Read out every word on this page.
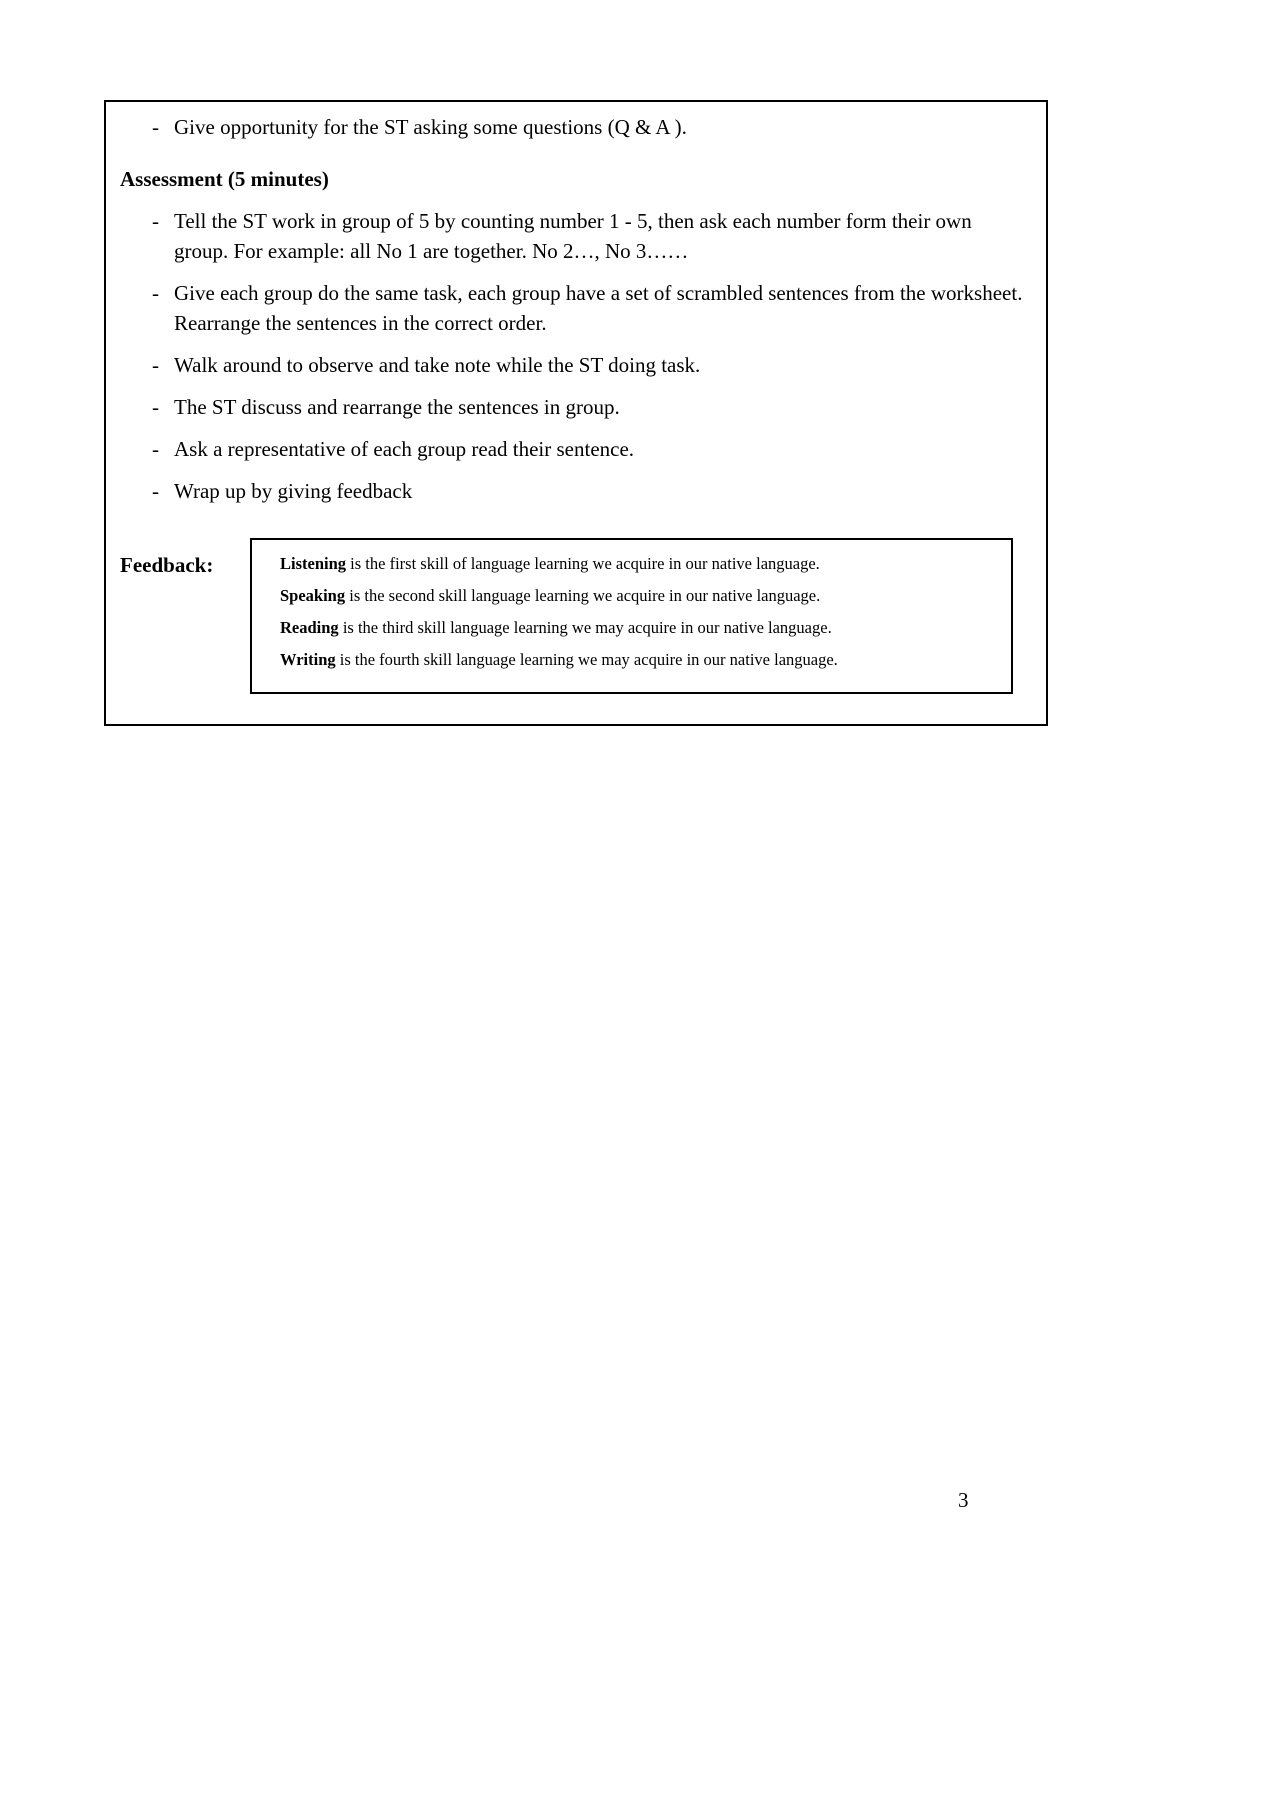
- Give opportunity for the ST asking some questions (Q & A ).
Assessment (5 minutes)
- Tell the ST work in group of 5 by counting number 1 - 5, then ask each number form their own group. For example: all No 1 are together. No 2…, No 3……
- Give each group do the same task, each group have a set of scrambled sentences from the worksheet. Rearrange the sentences in the correct order.
- Walk around to observe and take note while the ST doing task.
- The ST discuss and rearrange the sentences in group.
- Ask a representative of each group read their sentence.
- Wrap up by giving feedback
Feedback:	Listening is the first skill of language learning we acquire in our native language.
Speaking is the second skill language learning we acquire in our native language.
Reading is the third skill language learning we may acquire in our native language.
Writing is the fourth skill language learning we may acquire in our native language.
3
